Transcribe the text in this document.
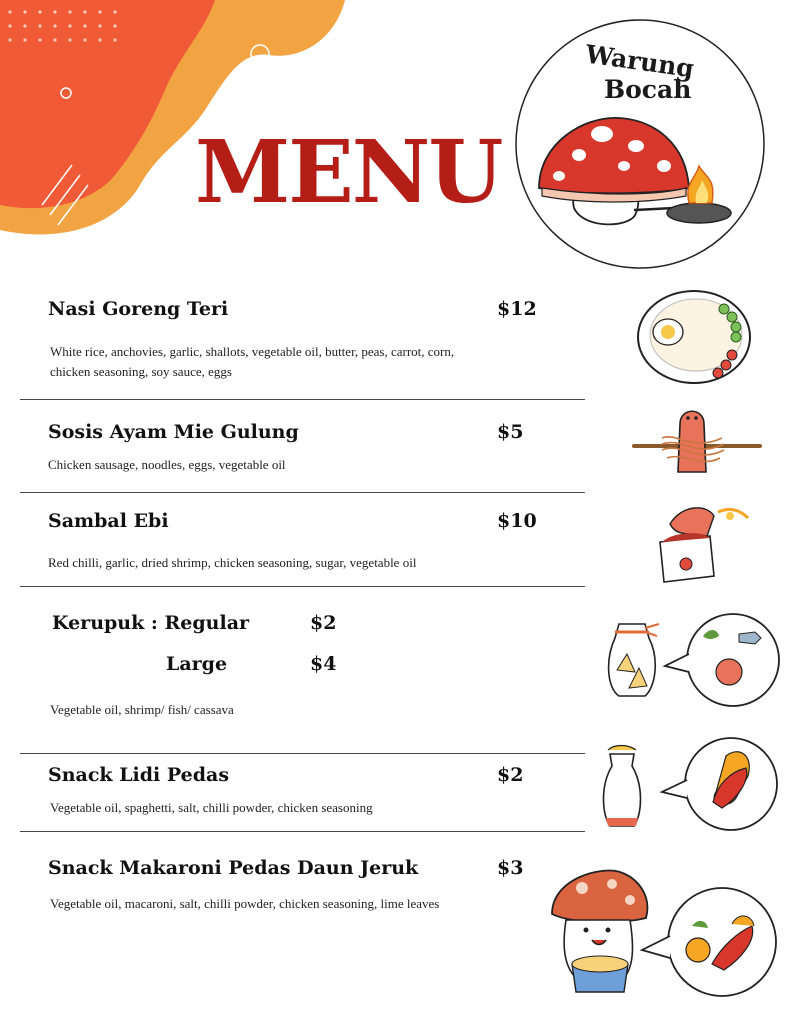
MENU
Warung
Bocah
Nasi Goreng Teri	$12
White rice, anchovies, garlic, shallots, vegetable oil, butter, peas, carrot, corn,
chicken seasoning, soy sauce, eggs
Sosis Ayam Mie Gulung	$5
Chicken sausage, noodles, eggs, vegetable oil
Sambal Ebi	$10
Red chilli, garlic, dried shrimp, chicken seasoning, sugar, vegetable oil
Kerupuk : Regular	$2
Large	$4
Vegetable oil, shrimp/ fish/ cassava
Snack Lidi Pedas	$2
Vegetable oil, spaghetti, salt, chilli powder, chicken seasoning
Snack Makaroni Pedas Daun Jeruk	$3
Vegetable oil, macaroni, salt, chilli powder, chicken seasoning, lime leaves
